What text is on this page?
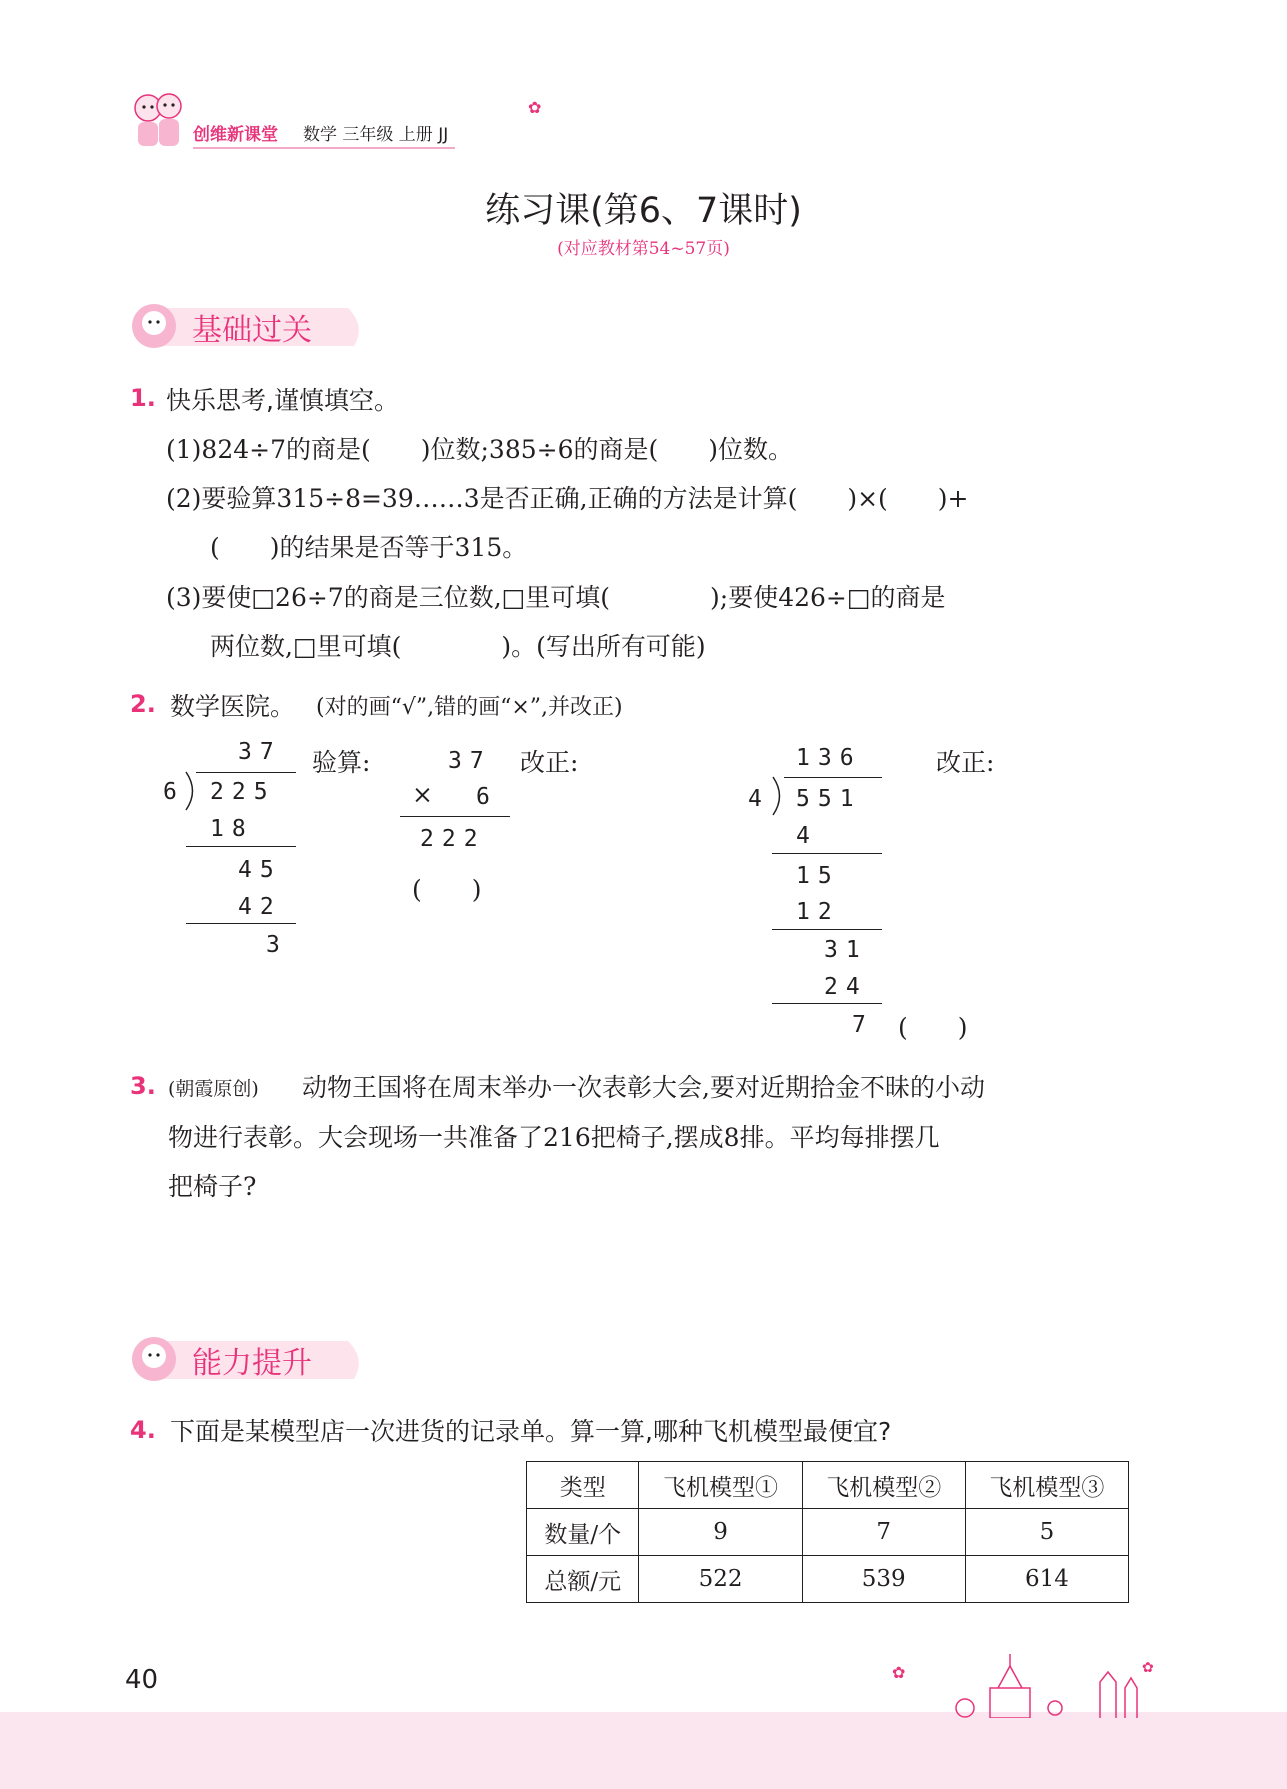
创维新课堂 数学 三年级 上册 JJ
✿
练习课(第6、7课时)
(对应教材第54~57页)
基础过关
1. 快乐思考,谨慎填空。
(1)824÷7的商是(　　)位数;385÷6的商是(　　)位数。
(2)要验算315÷8=39……3是否正确,正确的方法是计算(　　)×(　　)+
(　　)的结果是否等于315。
(3)要使□26÷7的商是三位数,□里可填(　　　　);要使426÷□的商是
两位数,□里可填(　　　　)。(写出所有可能)
2. 数学医院。 (对的画“√”,错的画“×”,并改正)
37
6 225
18
45
42
3
验算:	37
× 6
222
(　　)
改正:	136
4 551
4
15
12
31
24
7 (　　)
改正:
3. (朝霞原创) 动物王国将在周末举办一次表彰大会,要对近期拾金不昧的小动
物进行表彰。大会现场一共准备了216把椅子,摆成8排。平均每排摆几
把椅子?
能力提升
4. 下面是某模型店一次进货的记录单。算一算,哪种飞机模型最便宜?
类型	飞机模型①	飞机模型②	飞机模型③
数量/个	9	7	5
总额/元	522	539	614
40	✿	✿
